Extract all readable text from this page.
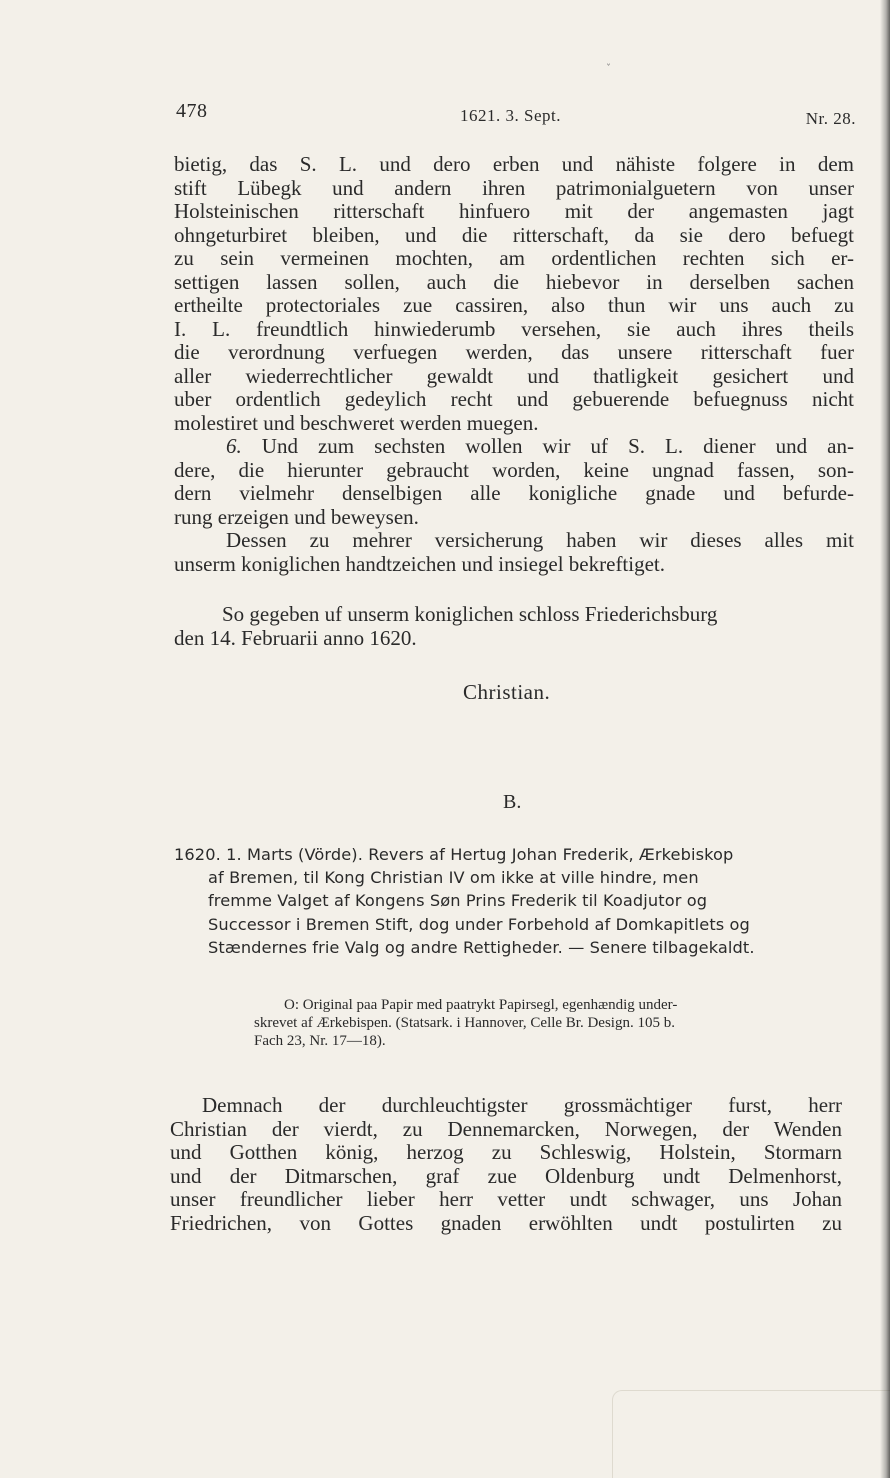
ˇ
478	1621. 3. Sept.	Nr. 28.
bietig, das S. L. und dero erben und nähiste folgere in dem
stift Lübegk und andern ihren patrimonialguetern von unser
Holsteinischen ritterschaft hinfuero mit der angemasten jagt
ohngeturbiret bleiben, und die ritterschaft, da sie dero befuegt
zu sein vermeinen mochten, am ordentlichen rechten sich er-
settigen lassen sollen, auch die hiebevor in derselben sachen
ertheilte protectoriales zue cassiren, also thun wir uns auch zu
I. L. freundtlich hinwiederumb versehen, sie auch ihres theils
die verordnung verfuegen werden, das unsere ritterschaft fuer
aller wiederrechtlicher gewaldt und thatligkeit gesichert und
uber ordentlich gedeylich recht und gebuerende befuegnuss nicht
molestiret und beschweret werden muegen.
6. Und zum sechsten wollen wir uf S. L. diener und an-
dere, die hierunter gebraucht worden, keine ungnad fassen, son-
dern vielmehr denselbigen alle konigliche gnade und befurde-
rung erzeigen und beweysen.
Dessen zu mehrer versicherung haben wir dieses alles mit
unserm koniglichen handtzeichen und insiegel bekreftiget.
So gegeben uf unserm koniglichen schloss Friederichsburg
den 14. Februarii anno 1620.
Christian.
B.
1620. 1. Marts (Vörde). Revers af Hertug Johan Frederik, Ærkebiskop
af Bremen, til Kong Christian IV om ikke at ville hindre, men
fremme Valget af Kongens Søn Prins Frederik til Koadjutor og
Successor i Bremen Stift, dog under Forbehold af Domkapitlets og
Stændernes frie Valg og andre Rettigheder. — Senere tilbagekaldt.
O: Original paa Papir med paatrykt Papirsegl, egenhændig under-
skrevet af Ærkebispen. (Statsark. i Hannover, Celle Br. Design. 105 b.
Fach 23, Nr. 17—18).
Demnach der durchleuchtigster grossmächtiger furst, herr
Christian der vierdt, zu Dennemarcken, Norwegen, der Wenden
und Gotthen könig, herzog zu Schleswig, Holstein, Stormarn
und der Ditmarschen, graf zue Oldenburg undt Delmenhorst,
unser freundlicher lieber herr vetter undt schwager, uns Johan
Friedrichen, von Gottes gnaden erwöhlten undt postulirten zu
